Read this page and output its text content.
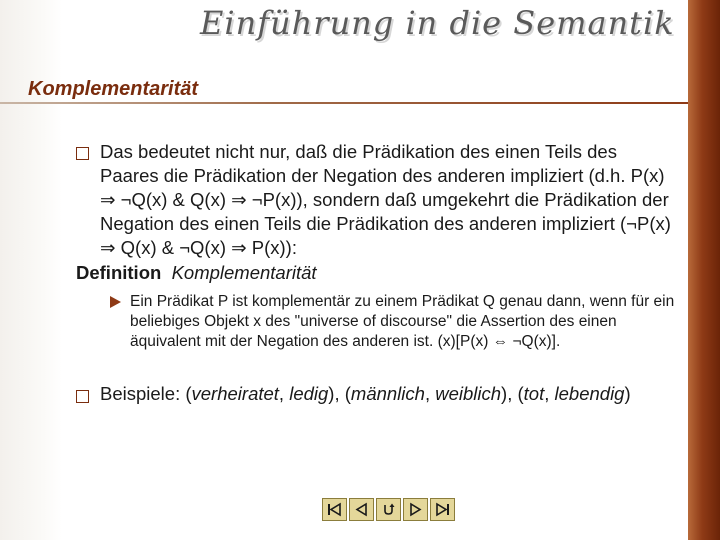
Einführung in die Semantik
Komplementarität
Das bedeutet nicht nur, daß die Prädikation des einen Teils des Paares die Prädikation der Negation des anderen impliziert (d.h. P(x) ⇒ ¬Q(x) & Q(x) ⇒ ¬P(x)), sondern daß umgekehrt die Prädikation der Negation des einen Teils die Prädikation des anderen impliziert (¬P(x) ⇒ Q(x) & ¬Q(x) ⇒ P(x)):
Definition Komplementarität
Ein Prädikat P ist komplementär zu einem Prädikat Q genau dann, wenn für ein beliebiges Objekt x des "universe of discourse" die Assertion des einen äquivalent mit der Negation des anderen ist. (x)[P(x) ⇔ ¬Q(x)].
Beispiele: (verheiratet, ledig), (männlich, weiblich), (tot, lebendig)
